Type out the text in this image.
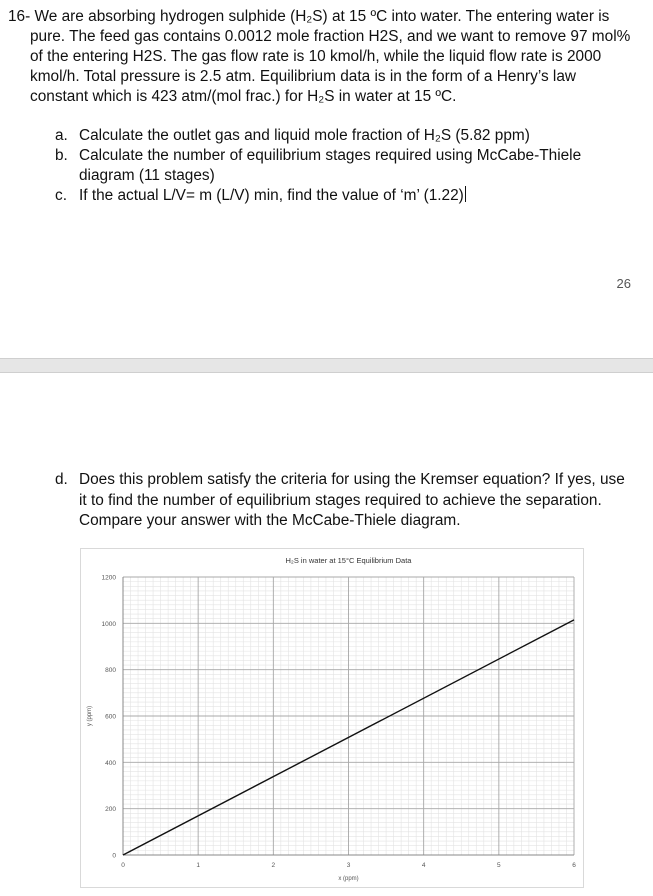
16- We are absorbing hydrogen sulphide (H₂S) at 15 ºC into water. The entering water is pure. The feed gas contains 0.0012 mole fraction H2S, and we want to remove 97 mol% of the entering H2S. The gas flow rate is 10 kmol/h, while the liquid flow rate is 2000 kmol/h. Total pressure is 2.5 atm. Equilibrium data is in the form of a Henry’s law constant which is 423 atm/(mol frac.) for H₂S in water at 15 ºC.

a. Calculate the outlet gas and liquid mole fraction of H₂S (5.82 ppm)
b. Calculate the number of equilibrium stages required using McCabe-Thiele diagram (11 stages)
c. If the actual L/V= m (L/V) min, find the value of ‘m’ (1.22)
26
d. Does this problem satisfy the criteria for using the Kremser equation? If yes, use it to find the number of equilibrium stages required to achieve the separation. Compare your answer with the McCabe-Thiele diagram.
0	1	2	3	4	5	6
0
200
400
600
800
1000
1200
H₂S in water at 15°C Equilibrium Data
x (ppm)
y (ppm)
